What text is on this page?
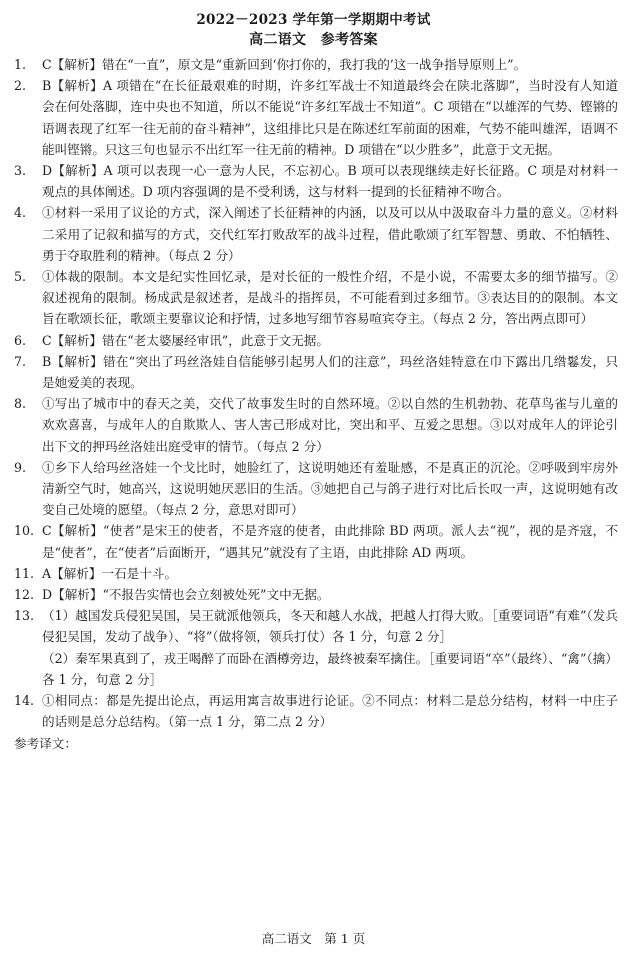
2022－2023 学年第一学期期中考试
高二语文　参考答案
1.	C【解析】错在“一直”，原文是“重新回到‘你打你的，我打我的’这一战争指导原则上”。
2.	B【解析】A 项错在“在长征最艰难的时期，许多红军战士不知道最终会在陕北落脚”，当时没有人知道会在何处落脚，连中央也不知道，所以不能说“许多红军战士不知道”。C 项错在“以雄浑的气势、铿锵的语调表现了红军一往无前的奋斗精神”，这组排比只是在陈述红军前面的困难，气势不能叫雄浑，语调不能叫铿锵。只这三句也显示不出红军一往无前的精神。D 项错在“以少胜多”，此意于文无据。
3.	D【解析】A 项可以表现一心一意为人民，不忘初心。B 项可以表现继续走好长征路。C 项是对材料一观点的具体阐述。D 项内容强调的是不受利诱，这与材料一提到的长征精神不吻合。
4.	①材料一采用了议论的方式，深入阐述了长征精神的内涵，以及可以从中汲取奋斗力量的意义。②材料二采用了记叙和描写的方式，交代红军打败敌军的战斗过程，借此歌颂了红军智慧、勇敢、不怕牺牲、勇于夺取胜利的精神。（每点 2 分）
5.	①体裁的限制。本文是纪实性回忆录，是对长征的一般性介绍，不是小说，不需要太多的细节描写。②叙述视角的限制。杨成武是叙述者，是战斗的指挥员，不可能看到过多细节。③表达目的的限制。本文旨在歌颂长征，歌颂主要靠议论和抒情，过多地写细节容易喧宾夺主。（每点 2 分，答出两点即可）
6.	C【解析】错在“老太婆屡经审讯”，此意于文无据。
7.	B【解析】错在“突出了玛丝洛娃自信能够引起男人们的注意”，玛丝洛娃特意在巾下露出几绺鬈发，只是她爱美的表现。
8.	①写出了城市中的春天之美，交代了故事发生时的自然环境。②以自然的生机勃勃、花草鸟雀与儿童的欢欢喜喜，与成年人的自欺欺人、害人害己形成对比，突出和平、互爱之思想。③以对成年人的评论引出下文的押玛丝洛娃出庭受审的情节。（每点 2 分）
9.	①乡下人给玛丝洛娃一个戈比时，她脸红了，这说明她还有羞耻感，不是真正的沉沦。②呼吸到牢房外清新空气时，她高兴，这说明她厌恶旧的生活。③她把自己与鸽子进行对比后长叹一声，这说明她有改变自己处境的愿望。（每点 2 分，意思对即可）
10. C【解析】“使者”是宋王的使者，不是齐寇的使者，由此排除 BD 两项。派人去“视”，视的是齐寇，不是“使者”，在“使者”后面断开，“遇其兄”就没有了主语，由此排除 AD 两项。
11. A【解析】一石是十斗。
12. D【解析】“不报告实情也会立刻被处死”文中无据。
13. （1）越国发兵侵犯吴国，吴王就派他领兵，冬天和越人水战，把越人打得大败。［重要词语“有难”（发兵侵犯吴国，发动了战争）、“将”（做将领，领兵打仗）各 1 分，句意 2 分］

（2）秦军果真到了，戎王喝醉了而卧在酒樽旁边，最终被秦军擒住。［重要词语“卒”（最终）、“禽”（擒）各 1 分，句意 2 分］

14. ①相同点：都是先提出论点，再运用寓言故事进行论证。②不同点：材料二是总分结构，材料一中庄子的话则是总分总结构。（第一点 1 分，第二点 2 分）
参考译文：
高二语文　第 1 页
